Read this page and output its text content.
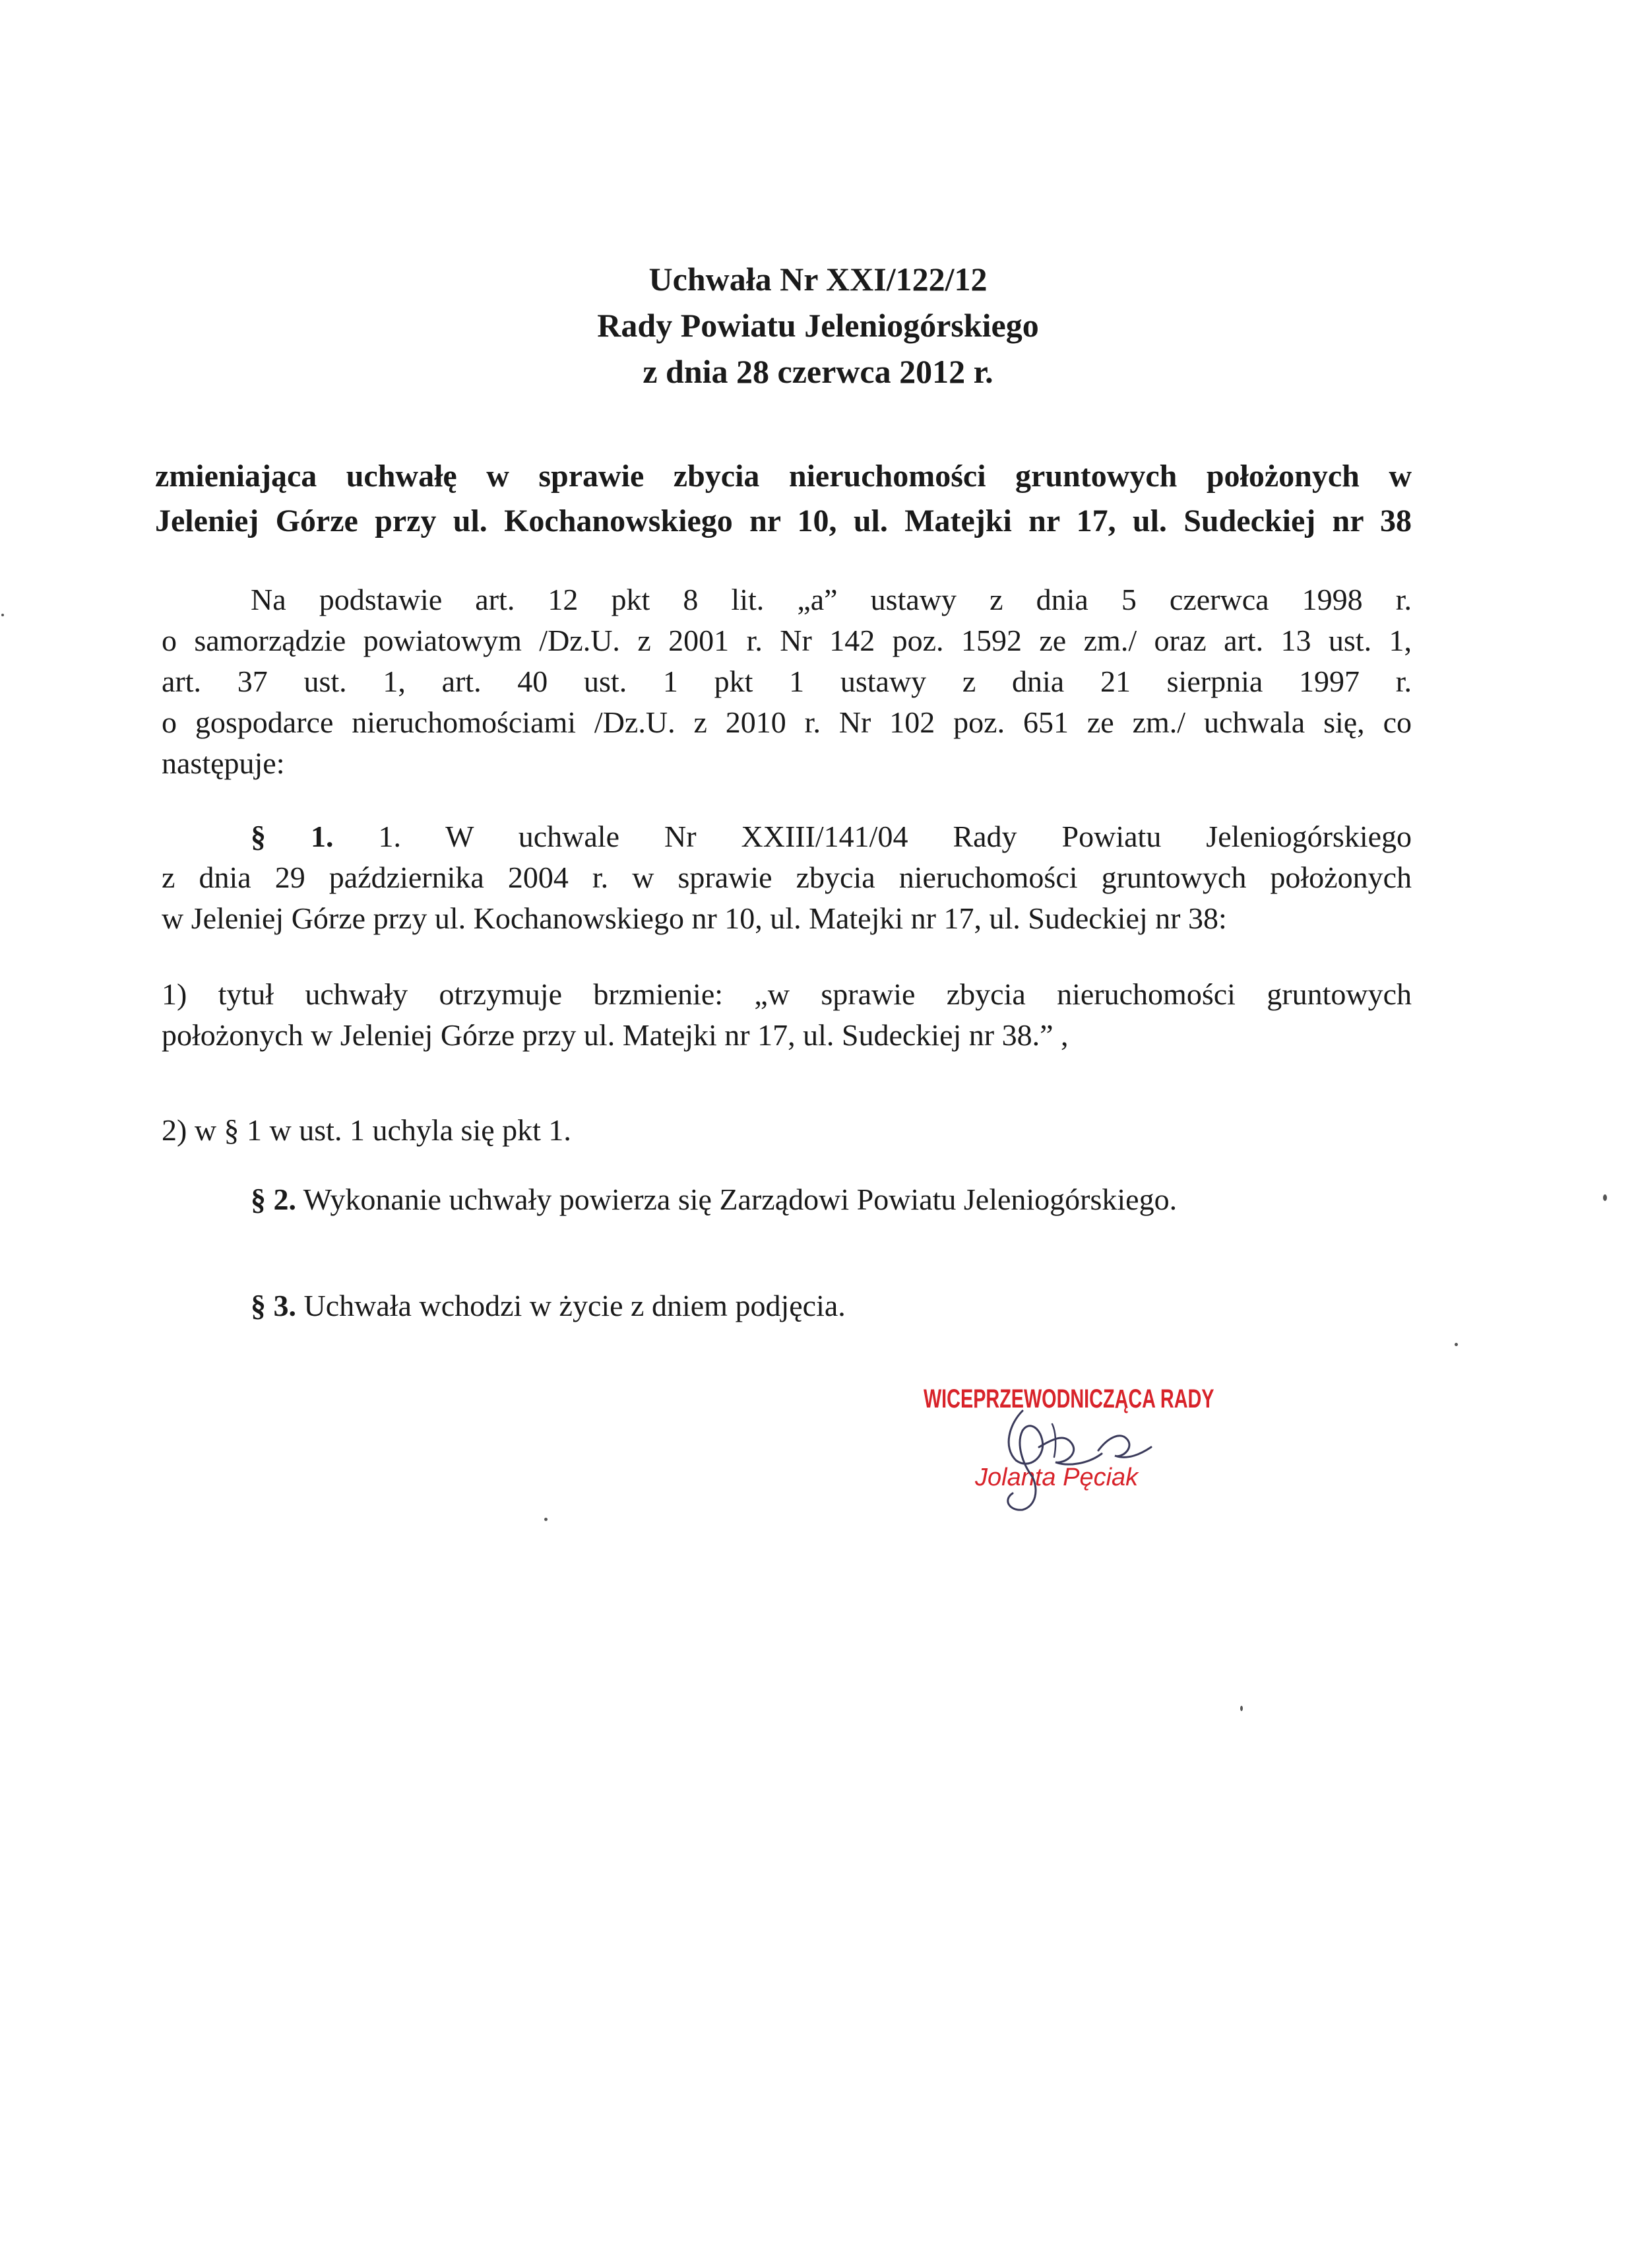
Uchwała Nr XXI/122/12
Rady Powiatu Jeleniogórskiego
z dnia 28 czerwca 2012 r.
zmieniająca uchwałę w sprawie zbycia nieruchomości gruntowych położonych w
Jeleniej Górze przy ul. Kochanowskiego nr 10, ul. Matejki nr 17, ul. Sudeckiej nr 38
Na podstawie art. 12 pkt 8 lit. „a” ustawy z dnia 5 czerwca 1998 r.
o samorządzie powiatowym /Dz.U. z 2001 r. Nr 142 poz. 1592 ze zm./ oraz art. 13 ust. 1,
art. 37 ust. 1, art. 40 ust. 1 pkt 1 ustawy z dnia 21 sierpnia 1997 r.
o gospodarce nieruchomościami /Dz.U. z 2010 r. Nr 102 poz. 651 ze zm./ uchwala się, co
następuje:
§ 1. 1. W uchwale Nr XXIII/141/04 Rady Powiatu Jeleniogórskiego
z dnia 29 października 2004 r. w sprawie zbycia nieruchomości gruntowych położonych
w Jeleniej Górze przy ul. Kochanowskiego nr 10, ul. Matejki nr 17, ul. Sudeckiej nr 38:
1) tytuł uchwały otrzymuje brzmienie: „w sprawie zbycia nieruchomości gruntowych
położonych w Jeleniej Górze przy ul. Matejki nr 17, ul. Sudeckiej nr 38.” ,
2) w § 1 w ust. 1 uchyla się pkt 1.
§ 2. Wykonanie uchwały powierza się Zarządowi Powiatu Jeleniogórskiego.
§ 3. Uchwała wchodzi w życie z dniem podjęcia.
WICEPRZEWODNICZĄCA RADY
Jolanta Pęciak
